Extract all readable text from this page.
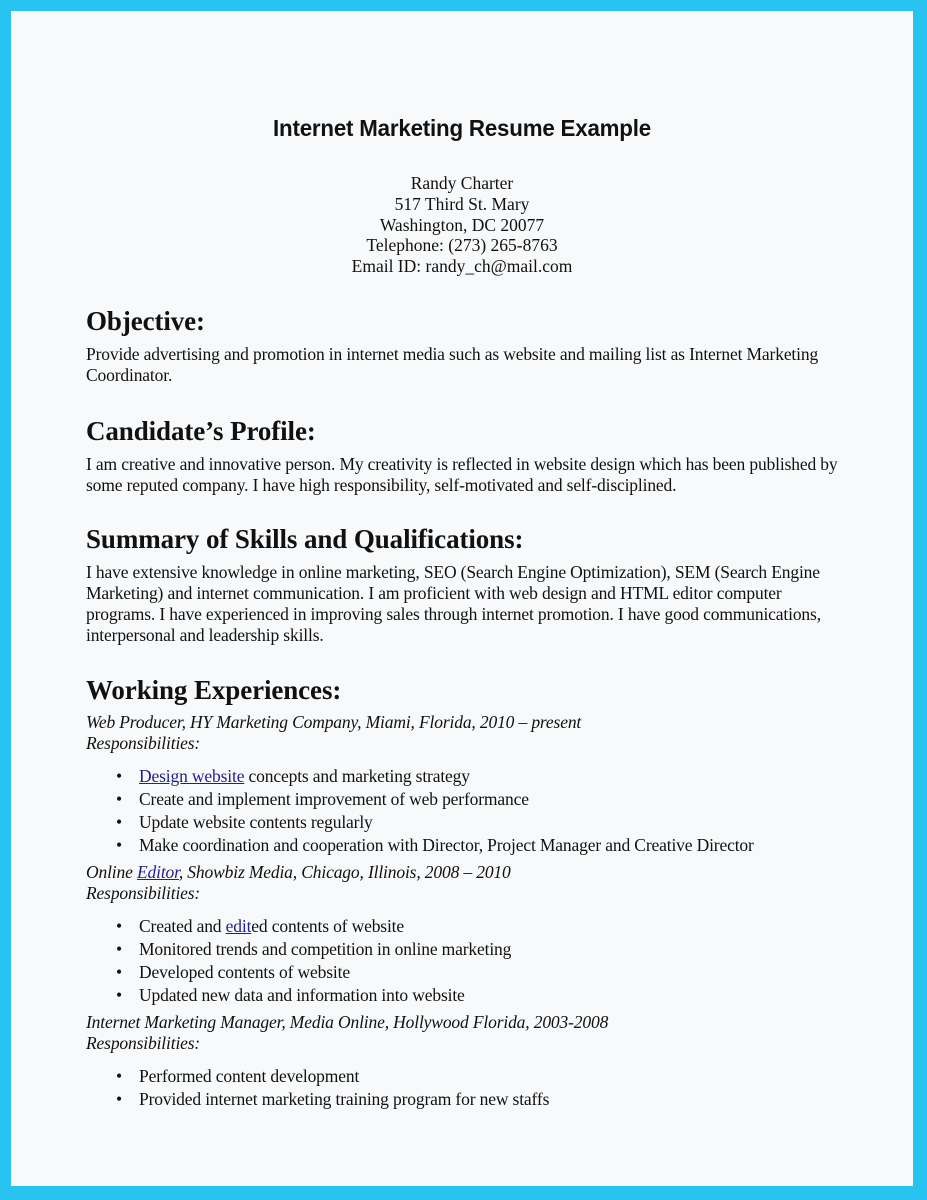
Internet Marketing Resume Example
Randy Charter
517 Third St. Mary
Washington, DC 20077
Telephone: (273) 265-8763
Email ID: randy_ch@mail.com
Objective:

Provide advertising and promotion in internet media such as website and mailing list as Internet Marketing Coordinator.

Candidate’s Profile:

I am creative and innovative person. My creativity is reflected in website design which has been published by some reputed company. I have high responsibility, self-motivated and self-disciplined.

Summary of Skills and Qualifications:

I have extensive knowledge in online marketing, SEO (Search Engine Optimization), SEM (Search Engine Marketing) and internet communication. I am proficient with web design and HTML editor computer programs. I have experienced in improving sales through internet promotion. I have good communications, interpersonal and leadership skills.

Working Experiences:

Web Producer, HY Marketing Company, Miami, Florida, 2010 – present

Responsibilities:

• Design website concepts and marketing strategy
• Create and implement improvement of web performance
• Update website contents regularly
• Make coordination and cooperation with Director, Project Manager and Creative Director

Online Editor, Showbiz Media, Chicago, Illinois, 2008 – 2010

Responsibilities:

• Created and edited contents of website
• Monitored trends and competition in online marketing
• Developed contents of website
• Updated new data and information into website

Internet Marketing Manager, Media Online, Hollywood Florida, 2003-2008

Responsibilities:

• Performed content development
• Provided internet marketing training program for new staffs
